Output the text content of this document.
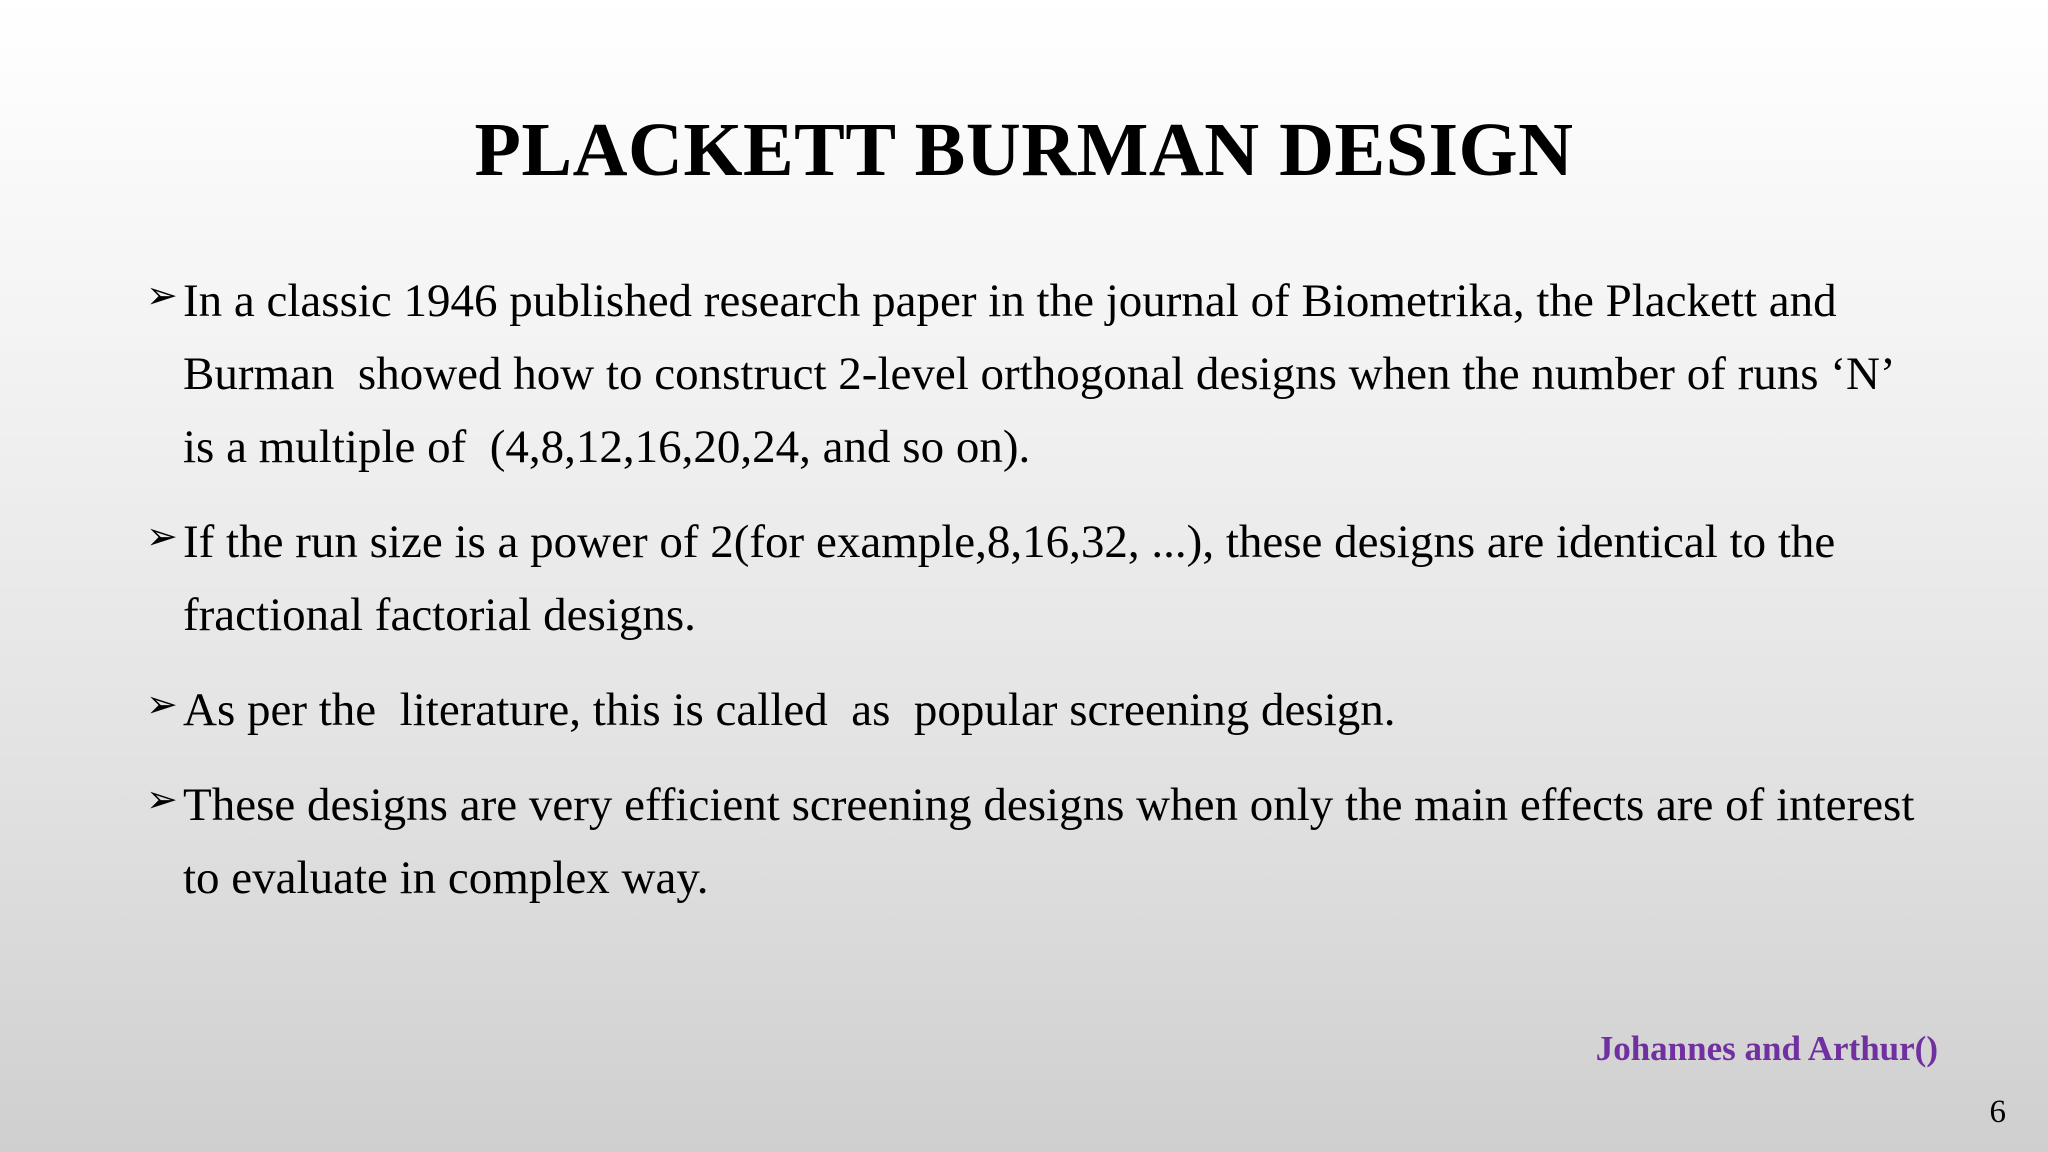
PLACKETT BURMAN DESIGN
➢ In a classic 1946 published research paper in the journal of Biometrika, the Plackett and Burman  showed how to construct 2-level orthogonal designs when the number of runs ‘N’ is a multiple of  (4,8,12,16,20,24, and so on).
➢ If the run size is a power of 2(for example,8,16,32, ...), these designs are identical to the fractional factorial designs.
➢ As per the  literature, this is called  as  popular screening design.
➢ These designs are very efficient screening designs when only the main effects are of interest to evaluate in complex way.
Johannes and Arthur()
6
